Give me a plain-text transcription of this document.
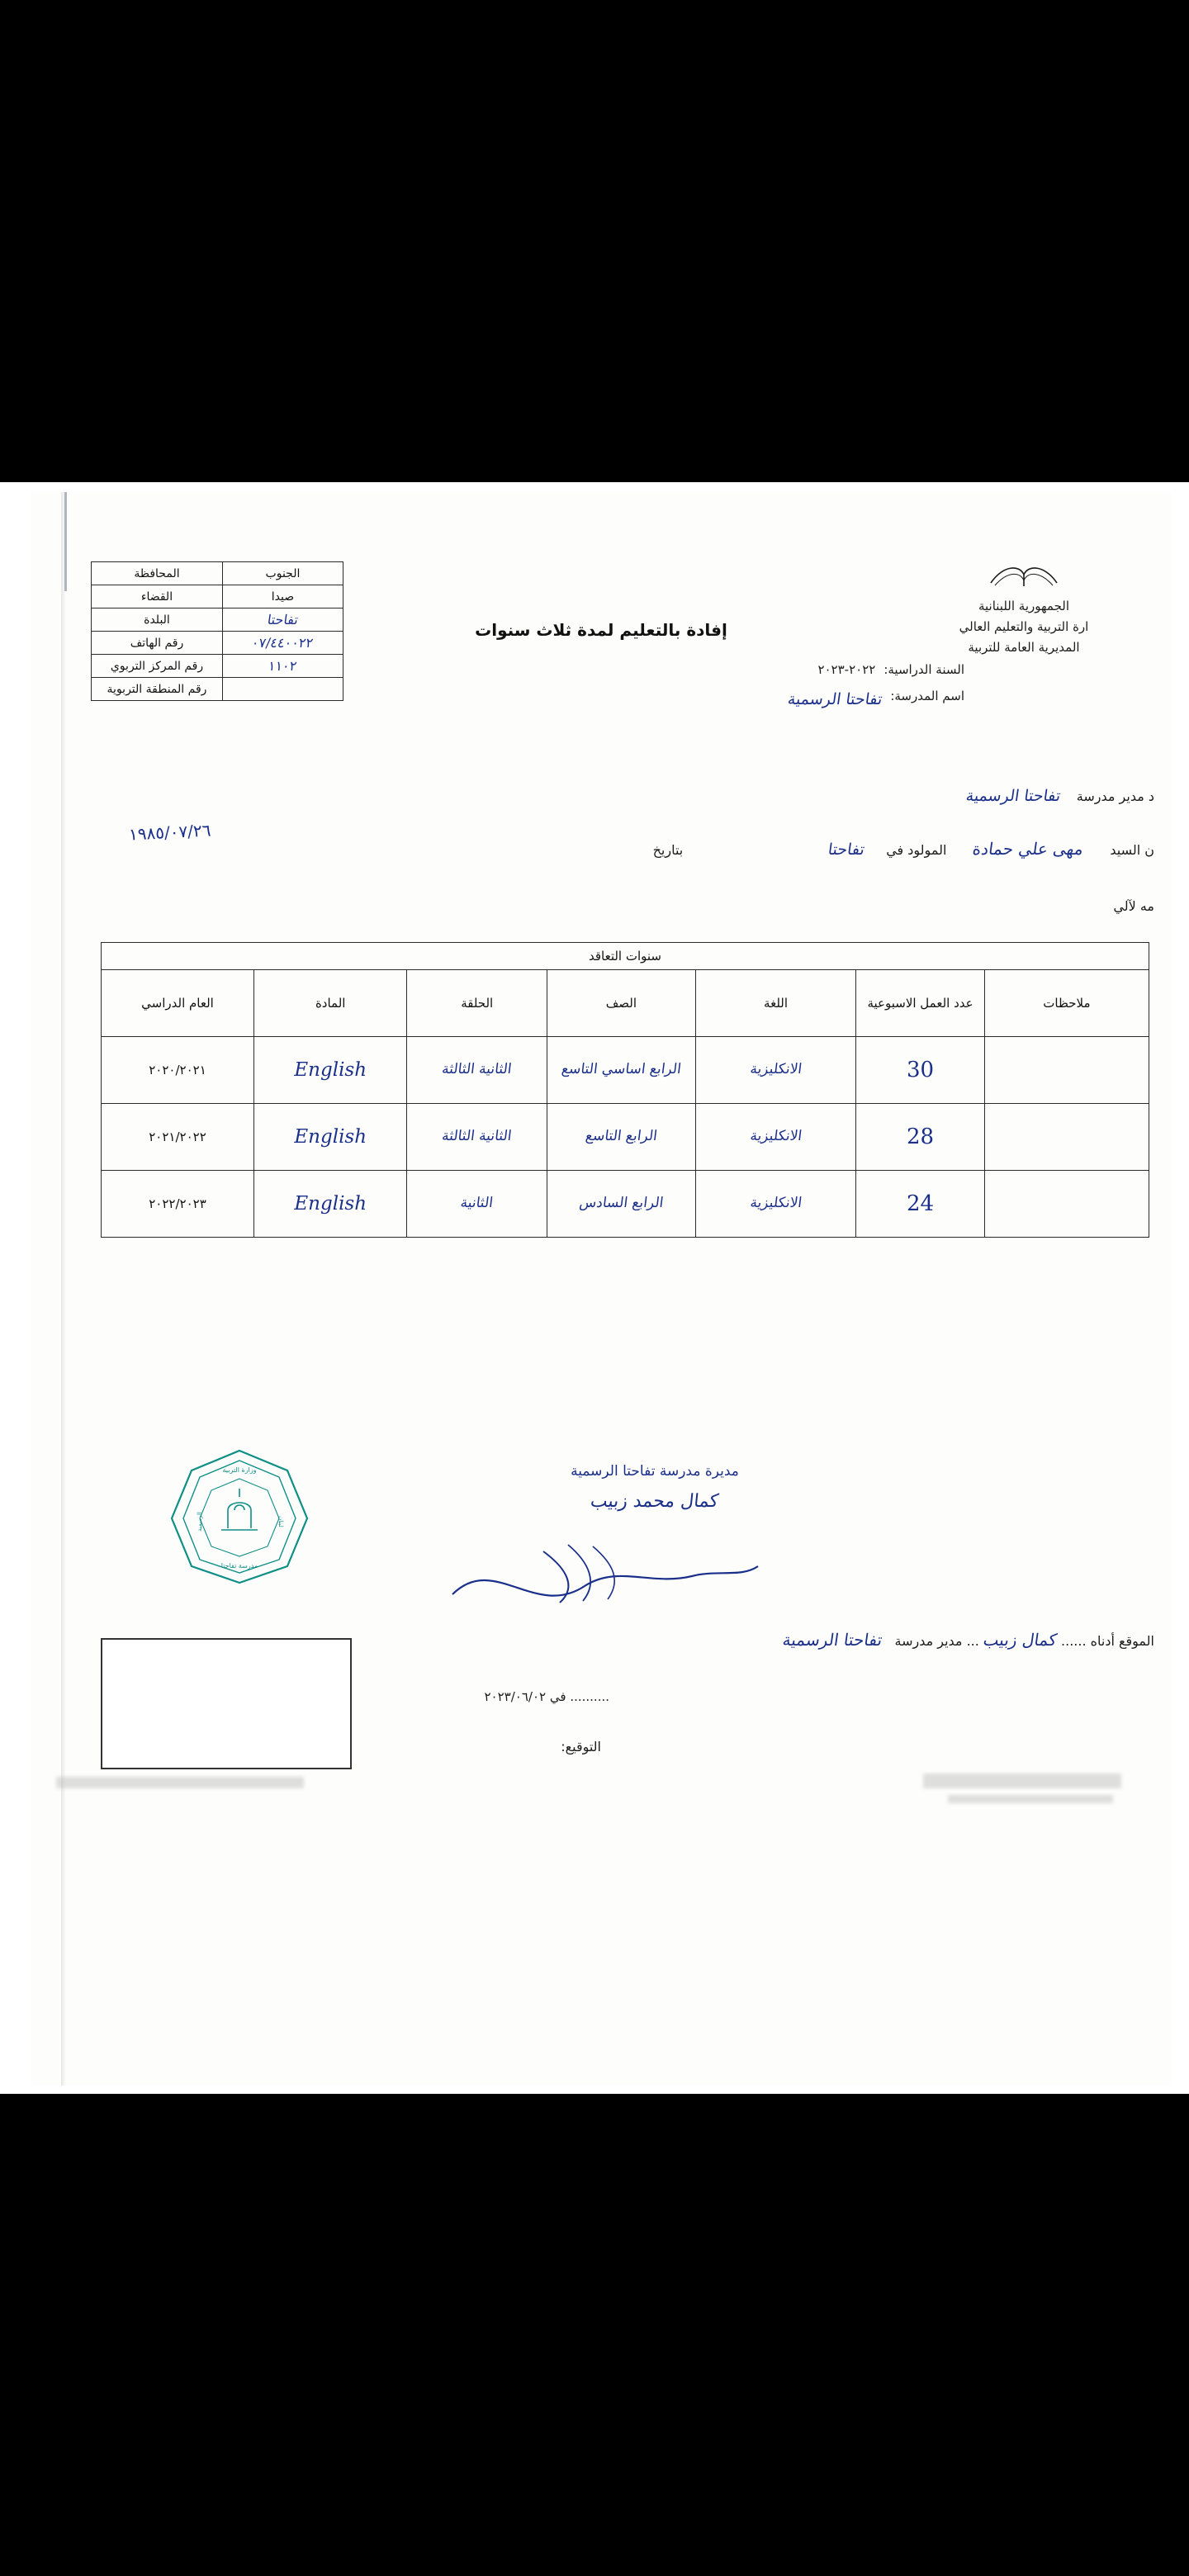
الجمهورية اللبنانية
ارة التربية والتعليم العالي
المديرية العامة للتربية
إفادة بالتعليم لمدة ثلاث سنوات
السنة الدراسية:
٢٠٢٢-٢٠٢٣
اسم المدرسة:
تفاحتا الرسمية
الجنوب	المحافظة
صيدا	القضاء
تفاحتا	البلدة
٠٧/٤٤٠٠٢٢	رقم الهاتف
١١٠٢	رقم المركز التربوي
	رقم المنطقة التربوية
د مدير مدرسة تفاحتا الرسمية
ن السيد
مهى علي حمادة
المولود في
تفاحتا
بتاريخ
١٩٨٥/٠٧/٢٦
مه لآلي
سنوات التعاقد						
ملاحظات	عدد العمل الاسبوعية	اللغة	الصف	الحلقة	المادة	العام الدراسي
	30	الانكليزية	الرابع اساسي التاسع	الثانية الثالثة	English	٢٠٢٠/٢٠٢١
	28	الانكليزية	الرابع التاسع	الثانية الثالثة	English	٢٠٢١/٢٠٢٢
	24	الانكليزية	الرابع السادس	الثانية	English	٢٠٢٢/٢٠٢٣
وزارة التربية
مدرسة تفاحتا
الرسمية	لبنان
مديرة مدرسة تفاحتا الرسمية
كمال محمد زبيب
الموقع أدناه ...... كمال زبيب ... مدير مدرسة تفاحتا الرسمية
.......... في ٢٠٢٣/٠٦/٠٢
التوقيع:
